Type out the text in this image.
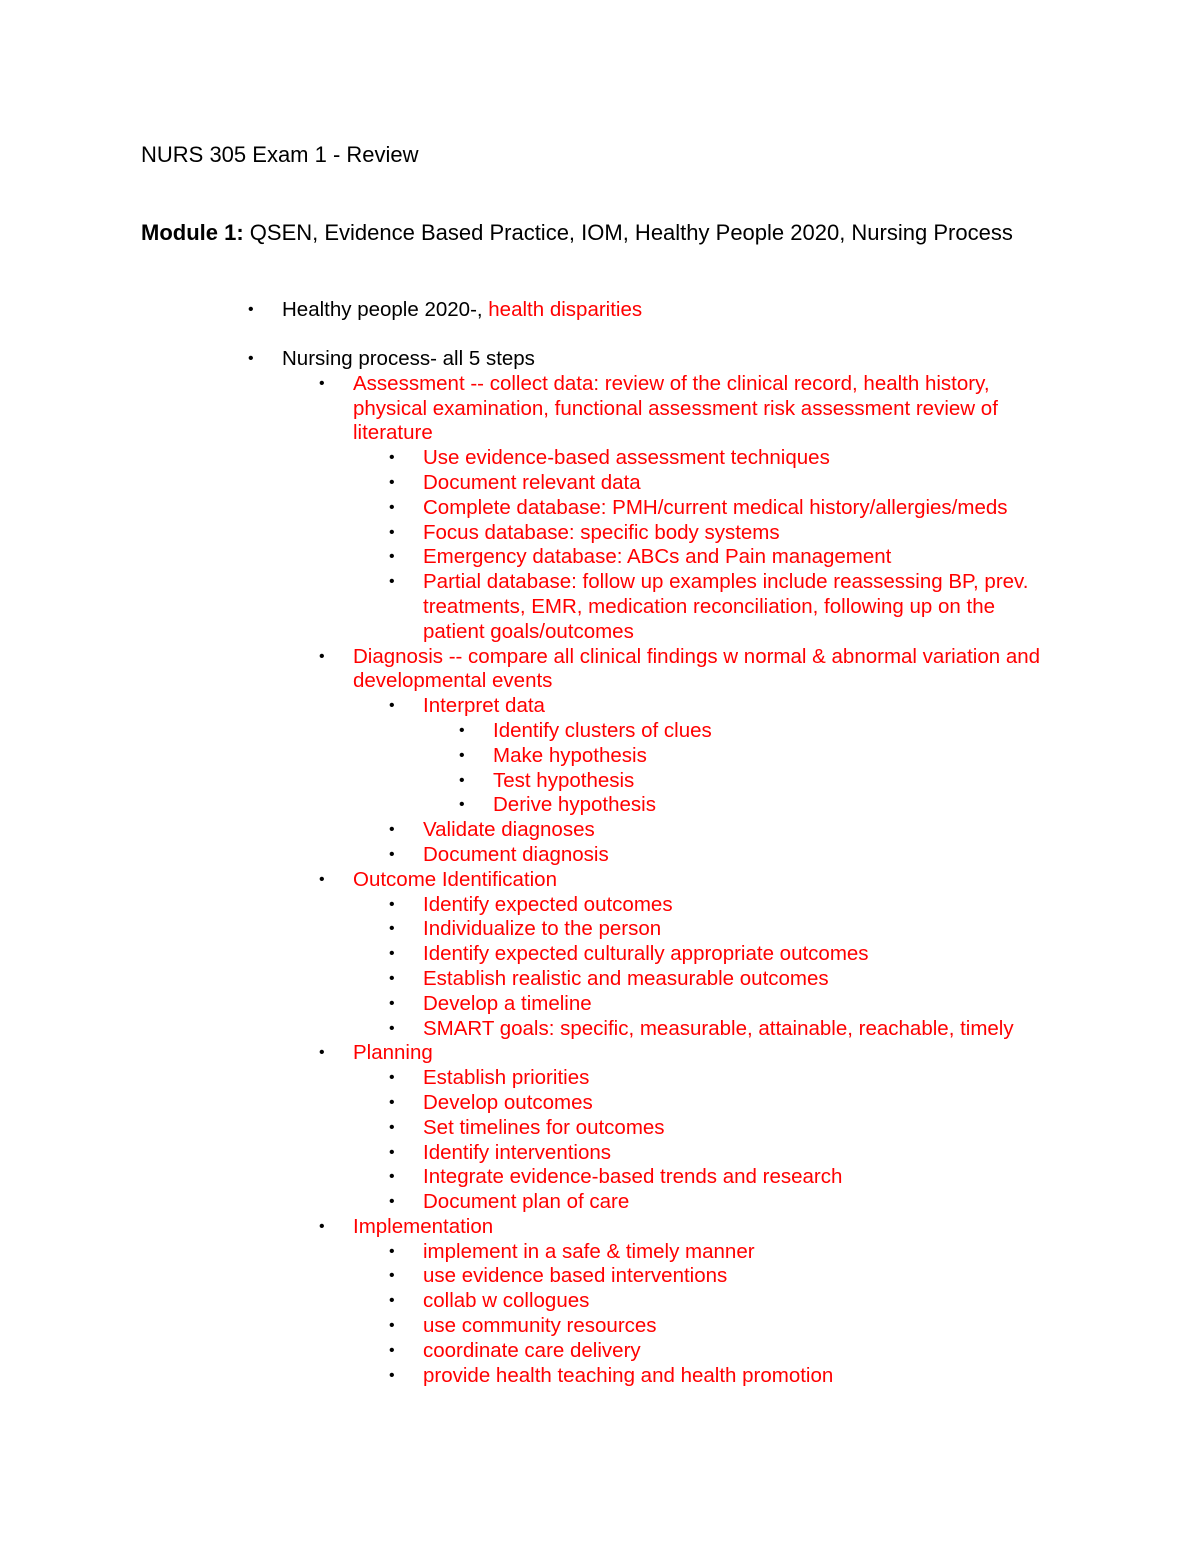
NURS 305 Exam 1 - Review

Module 1: QSEN, Evidence Based Practice, IOM, Healthy People 2020, Nursing Process

• Healthy people 2020-, health disparities
• Nursing process- all 5 steps
• Assessment -- collect data: review of the clinical record, health history, physical examination, functional assessment risk assessment review of literature
• Use evidence-based assessment techniques
• Document relevant data
• Complete database: PMH/current medical history/allergies/meds
• Focus database: specific body systems
• Emergency database: ABCs and Pain management
• Partial database: follow up examples include reassessing BP, prev. treatments, EMR, medication reconciliation, following up on the patient goals/outcomes
• Diagnosis -- compare all clinical findings w normal & abnormal variation and developmental events
• Interpret data
• Identify clusters of clues
• Make hypothesis
• Test hypothesis
• Derive hypothesis
• Validate diagnoses
• Document diagnosis
• Outcome Identification
• Identify expected outcomes
• Individualize to the person
• Identify expected culturally appropriate outcomes
• Establish realistic and measurable outcomes
• Develop a timeline
• SMART goals: specific, measurable, attainable, reachable, timely
• Planning
• Establish priorities
• Develop outcomes
• Set timelines for outcomes
• Identify interventions
• Integrate evidence-based trends and research
• Document plan of care
• Implementation
• implement in a safe & timely manner
• use evidence based interventions
• collab w collogues
• use community resources
• coordinate care delivery
• provide health teaching and health promotion
